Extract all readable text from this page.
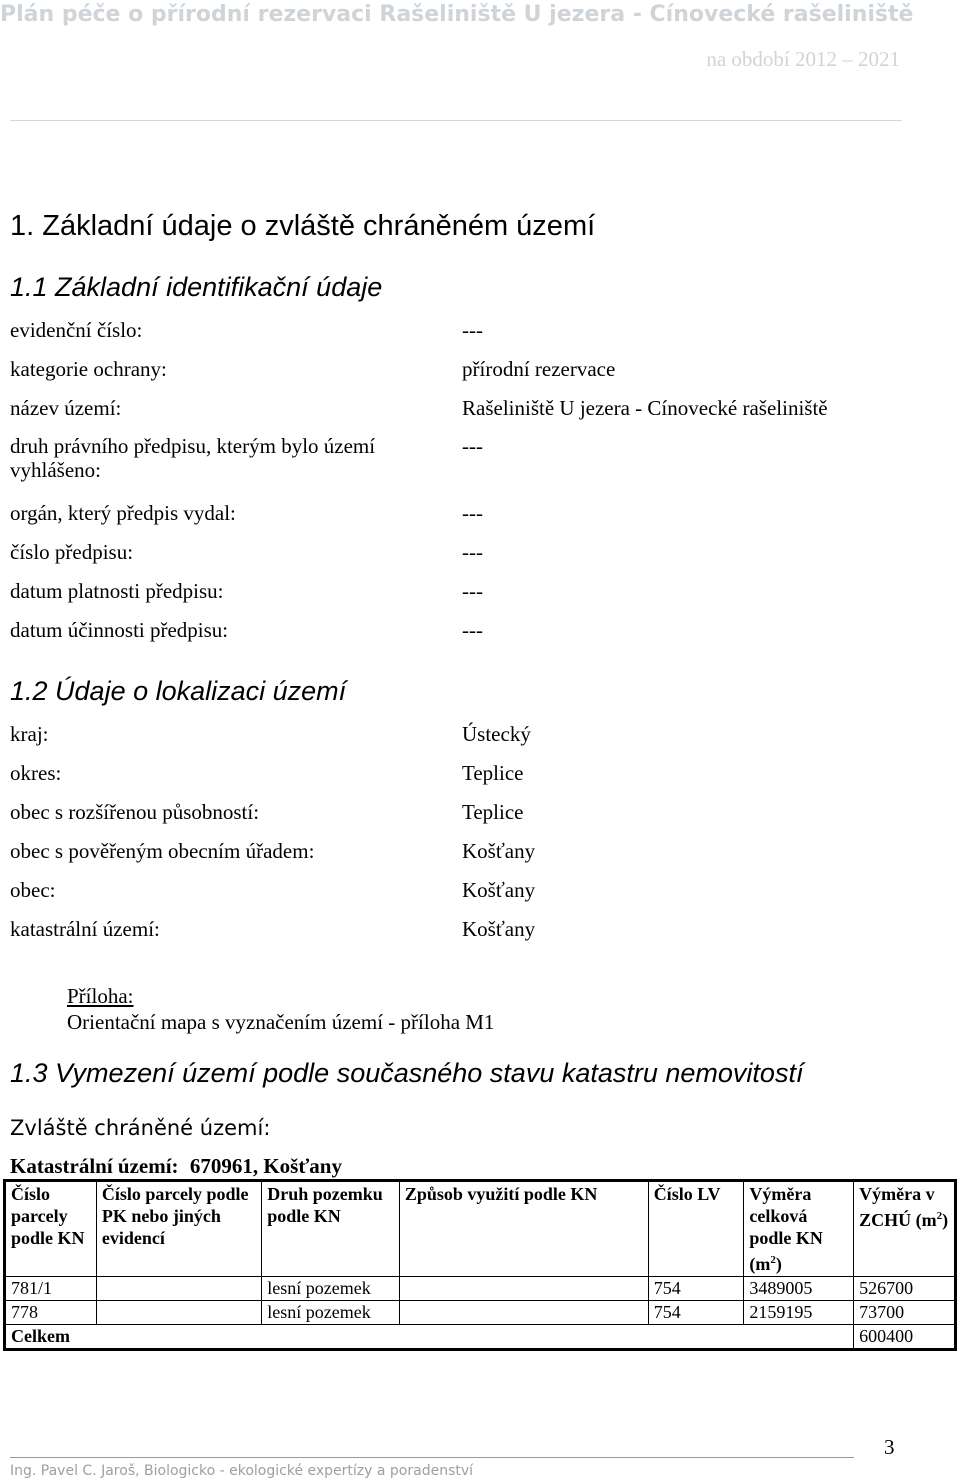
Plán péče o přírodní rezervaci Rašeliniště U jezera - Cínovecké rašeliniště
na období 2012 – 2021
1. Základní údaje o zvláště chráněném území
1.1 Základní identifikační údaje
evidenční číslo:	---
kategorie ochrany:	přírodní rezervace
název území:	Rašeliniště U jezera - Cínovecké rašeliniště
druh právního předpisu, kterým bylo území vyhlášeno:
---
orgán, který předpis vydal:	---
číslo předpisu:	---
datum platnosti předpisu:	---
datum účinnosti předpisu:	---
1.2 Údaje o lokalizaci území
kraj:	Ústecký
okres:	Teplice
obec s rozšířenou působností:	Teplice
obec s pověřeným obecním úřadem:	Košťany
obec:	Košťany
katastrální území:	Košťany
Příloha:
Orientační mapa s vyznačením území - příloha M1
1.3 Vymezení území podle současného stavu katastru nemovitostí
Zvláště chráněné území:
Katastrální území: 670961, Košťany
Číslo parcely podle KN	Číslo parcely podle PK nebo jiných evidencí	Druh pozemku podle KN	Způsob využití podle KN	Číslo LV	Výměra celková podle KN $(m^2)$	Výměra v ZCHÚ $(m^2)$
781/1		lesní pozemek		754	3489005	526700
778		lesní pozemek		754	2159195	73700
Celkem						600400
3
Ing. Pavel C. Jaroš, Biologicko - ekologické expertízy a poradenství
